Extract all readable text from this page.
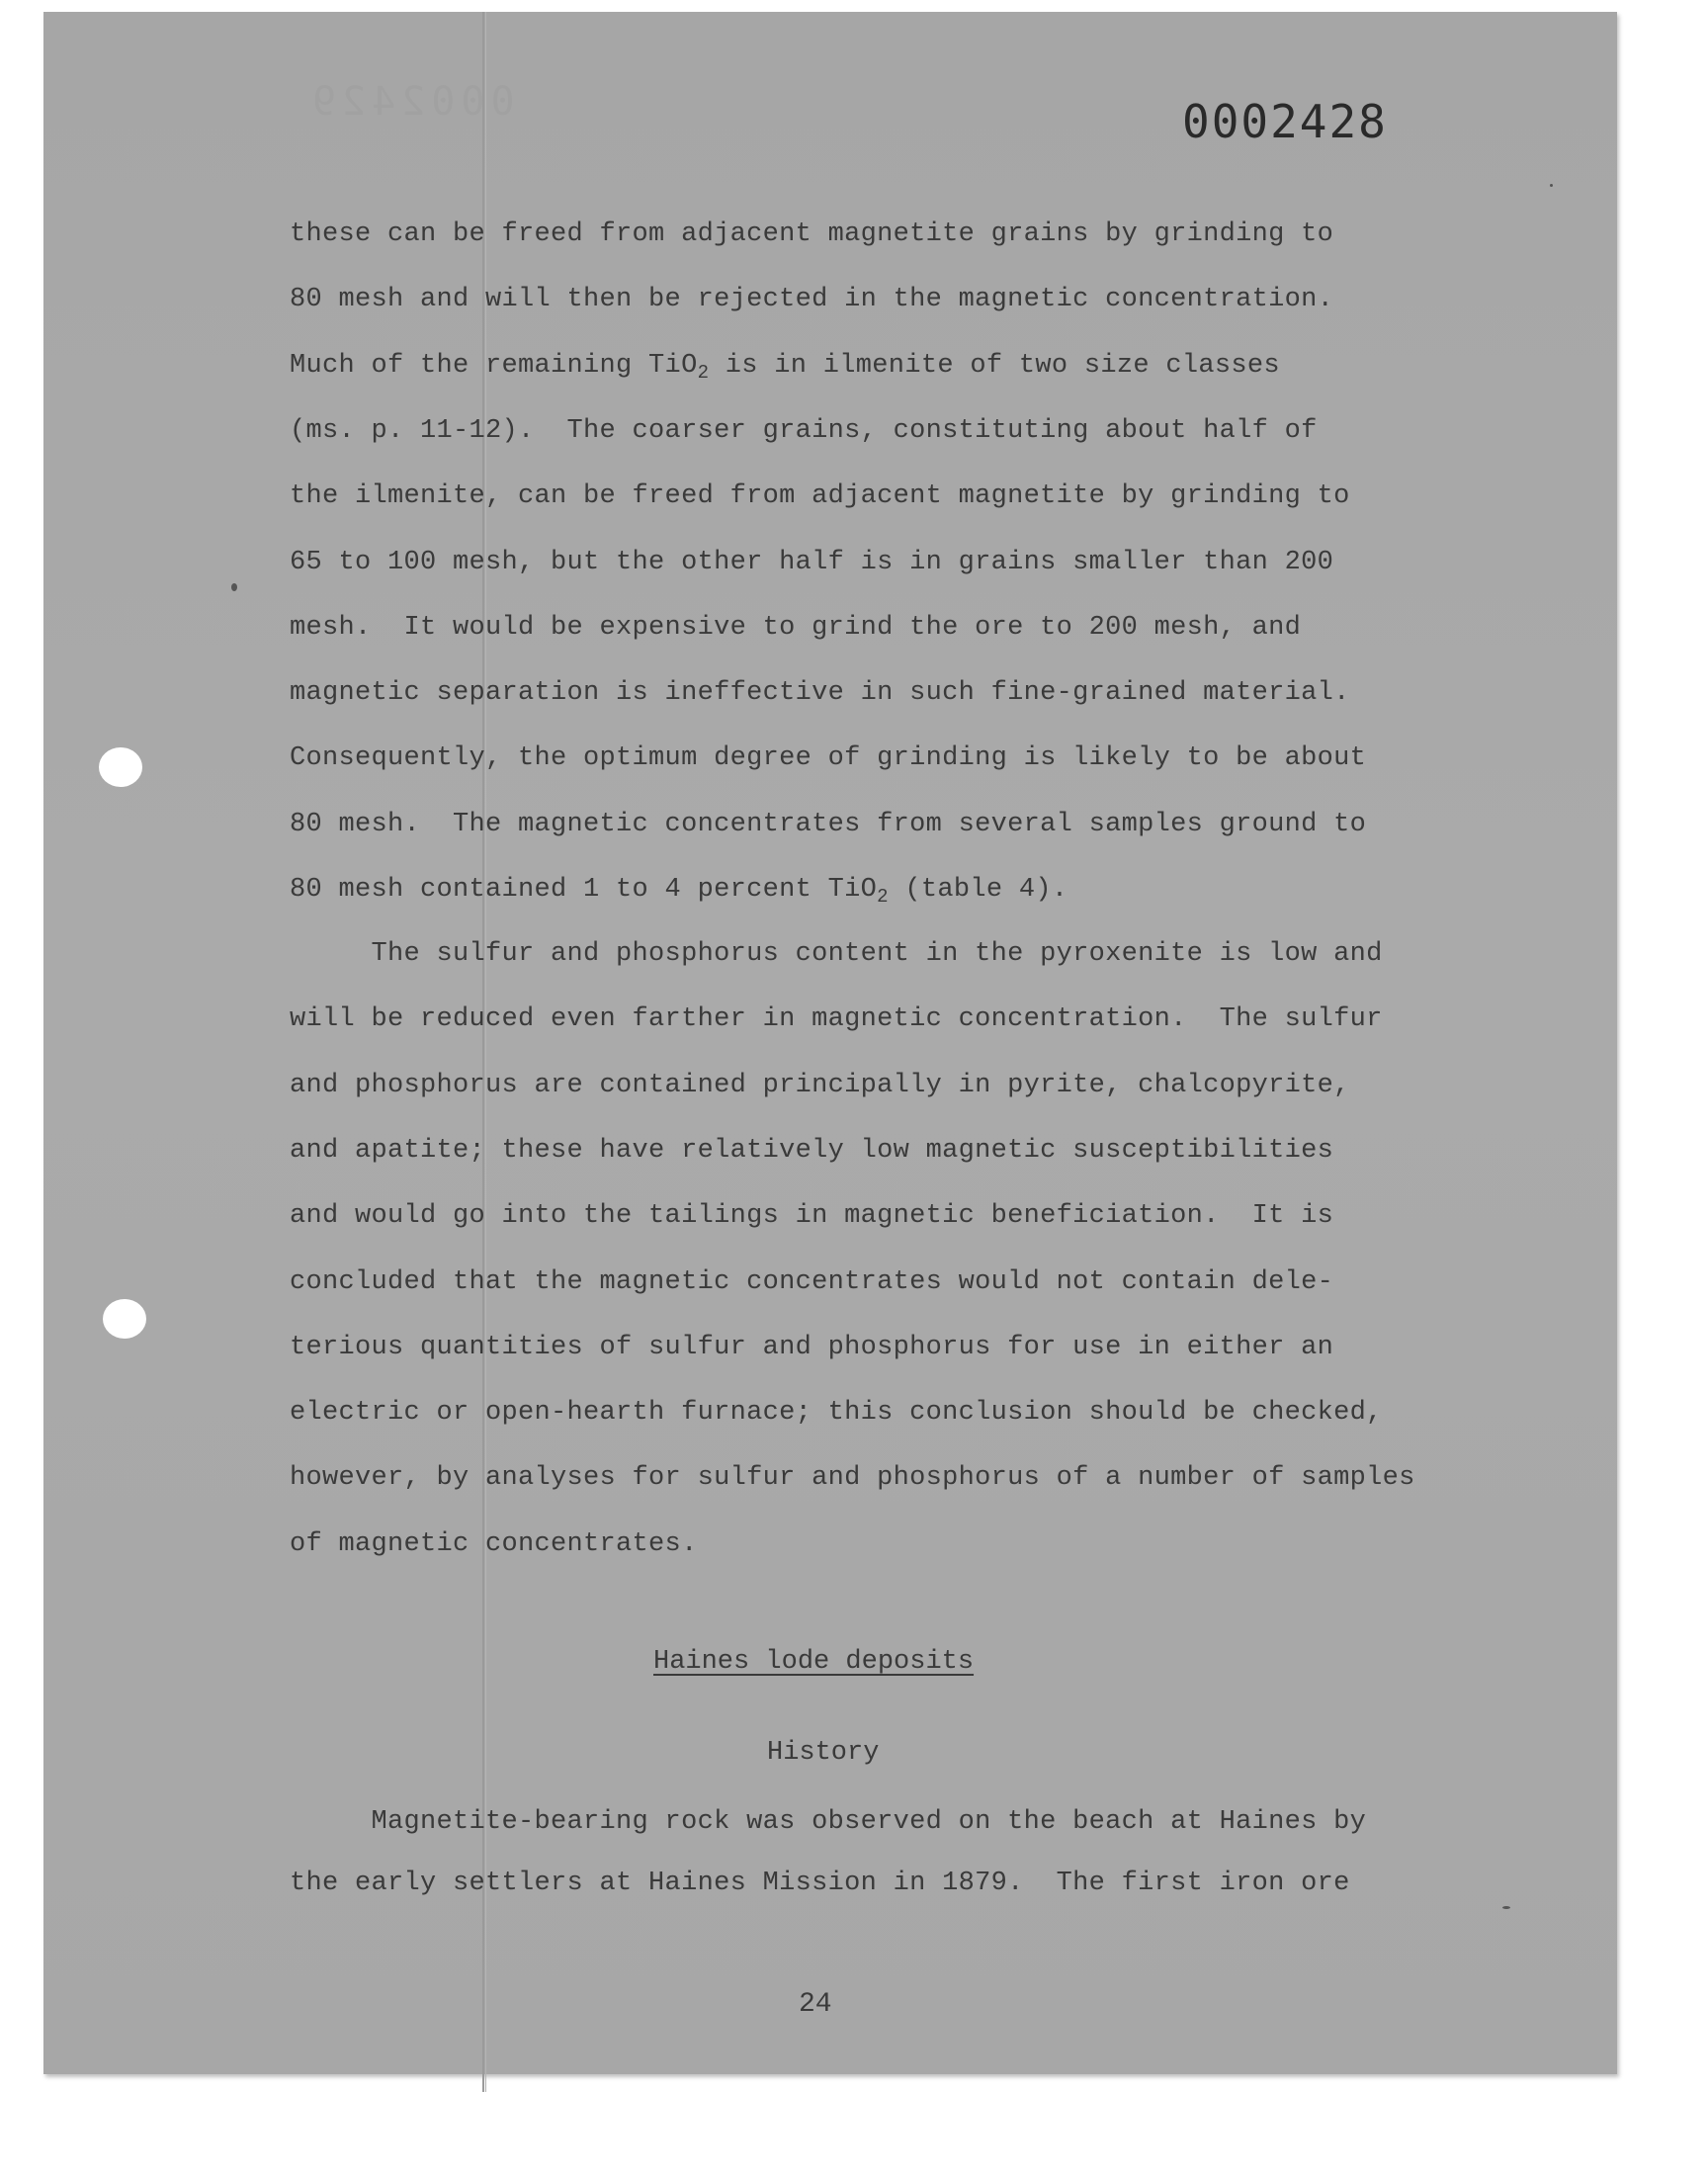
0002429	0002428
these can be freed from adjacent magnetite grains by grinding to
80 mesh and will then be rejected in the magnetic concentration.
Much of the remaining TiO$_2$ is in ilmenite of two size classes
(ms. p. 11-12).  The coarser grains, constituting about half of
the ilmenite, can be freed from adjacent magnetite by grinding to
65 to 100 mesh, but the other half is in grains smaller than 200
mesh.  It would be expensive to grind the ore to 200 mesh, and
magnetic separation is ineffective in such fine-grained material.
Consequently, the optimum degree of grinding is likely to be about
80 mesh.  The magnetic concentrates from several samples ground to
80 mesh contained 1 to 4 percent TiO$_2$ (table 4).
The sulfur and phosphorus content in the pyroxenite is low and
will be reduced even farther in magnetic concentration.  The sulfur
and phosphorus are contained principally in pyrite, chalcopyrite,
and apatite; these have relatively low magnetic susceptibilities
and would go into the tailings in magnetic beneficiation.  It is
concluded that the magnetic concentrates would not contain dele-
terious quantities of sulfur and phosphorus for use in either an
electric or open-hearth furnace; this conclusion should be checked,
however, by analyses for sulfur and phosphorus of a number of samples
of magnetic concentrates.
Magnetite-bearing rock was observed on the beach at Haines by
the early settlers at Haines Mission in 1879.  The first iron ore
Haines lode deposits
History
24
